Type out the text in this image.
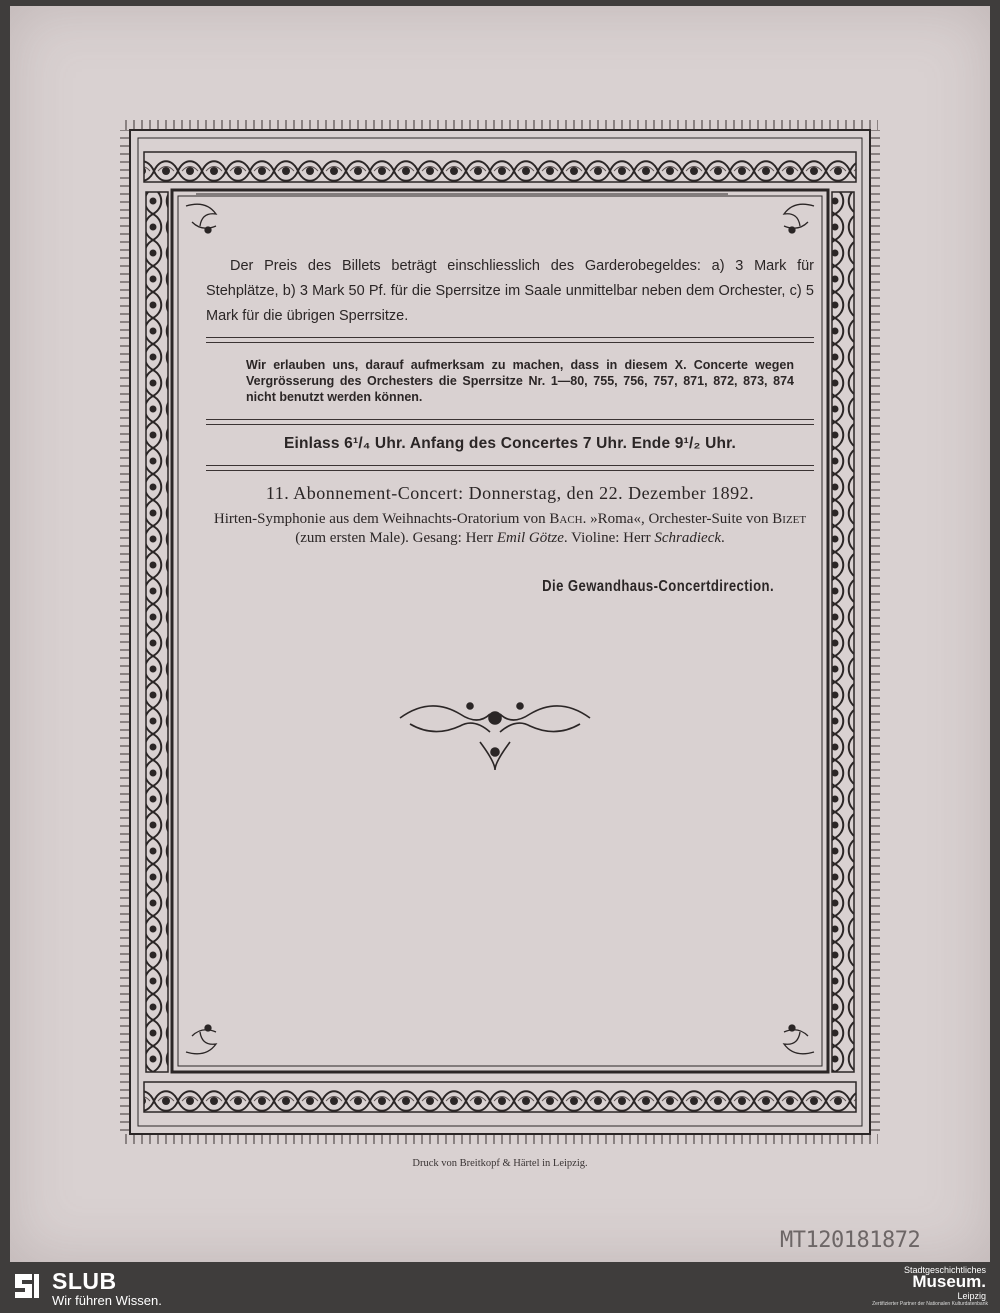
Der Preis des Billets beträgt einschliesslich des Garderobegeldes: a) 3 Mark für Stehplätze, b) 3 Mark 50 Pf. für die Sperrsitze im Saale unmittelbar neben dem Orchester, c) 5 Mark für die übrigen Sperrsitze.

Wir erlauben uns, darauf aufmerksam zu machen, dass in diesem X. Concerte wegen Vergrösserung des Orchesters die Sperrsitze Nr. 1—80, 755, 756, 757, 871, 872, 873, 874 nicht benutzt werden können.

Einlass 6¹/₄ Uhr. Anfang des Concertes 7 Uhr. Ende 9¹/₂ Uhr.

11. Abonnement-Concert: Donnerstag, den 22. Dezember 1892.

Hirten-Symphonie aus dem Weihnachts-Oratorium von Bach. »Roma«, Orchester-Suite von Bizet (zum ersten Male). Gesang: Herr Emil Götze. Violine: Herr Schradieck.

Die Gewandhaus-Concertdirection.

Druck von Breitkopf & Härtel in Leipzig.
MT120181872
SLUB
Wir führen Wissen.
Stadtgeschichtliches
Museum.
Leipzig
Zertifizierter Partner der Nationalen Kulturdatenbank
